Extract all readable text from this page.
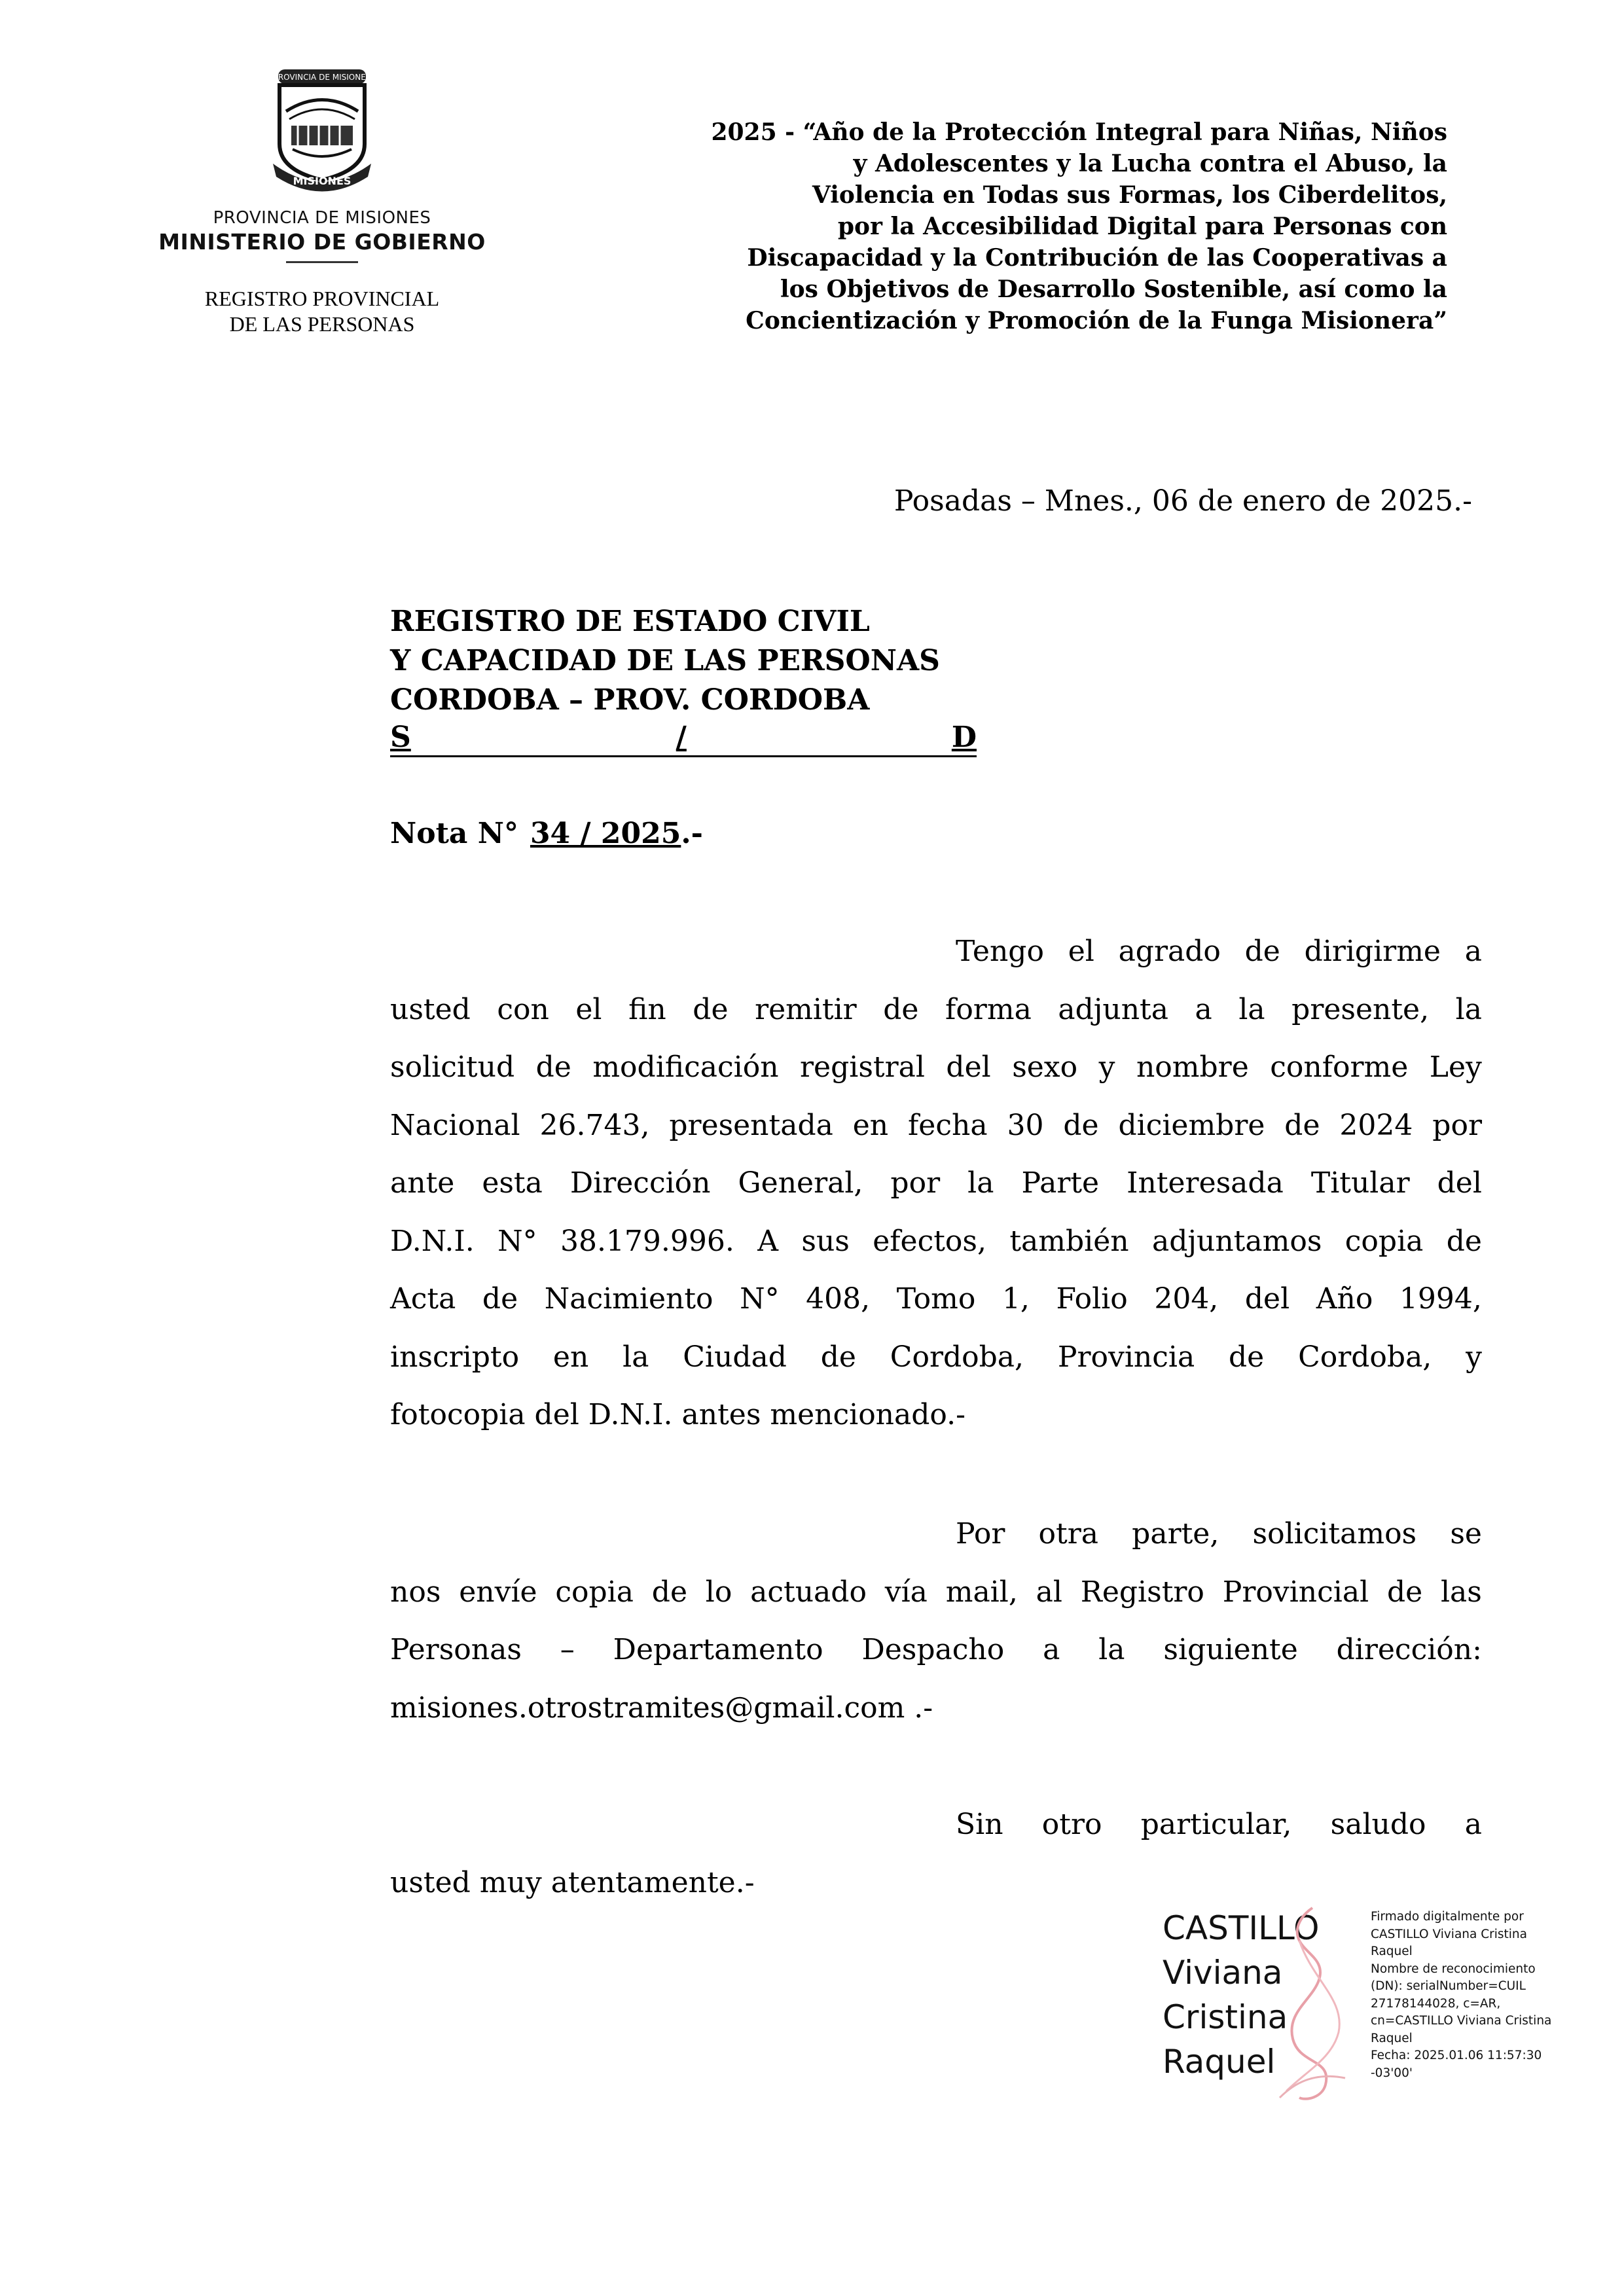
PROVINCIA DE MISIONES
MISIONES
PROVINCIA DE MISIONES
MINISTERIO DE GOBIERNO
REGISTRO PROVINCIAL
DE LAS PERSONAS
2025 - “Año de la Protección Integral para Niñas, Niños
y Adolescentes y la Lucha contra el Abuso, la
Violencia en Todas sus Formas, los Ciberdelitos,
por la Accesibilidad Digital para Personas con
Discapacidad y la Contribución de las Cooperativas a
los Objetivos de Desarrollo Sostenible, así como la
Concientización y Promoción de la Funga Misionera”
Posadas – Mnes., 06 de enero de 2025.-
REGISTRO DE ESTADO CIVIL
Y CAPACIDAD DE LAS PERSONAS
CORDOBA – PROV. CORDOBA
S	/	D
Nota N° 34 / 2025.-
Tengo el agrado de dirigirme a
usted con el fin de remitir de forma adjunta a la presente, la
solicitud de modificación registral del sexo y nombre conforme Ley
Nacional 26.743, presentada en fecha 30 de diciembre de 2024 por
ante esta Dirección General, por la Parte Interesada Titular del
D.N.I. N° 38.179.996. A sus efectos, también adjuntamos copia de
Acta de Nacimiento N° 408, Tomo 1, Folio 204, del Año 1994,
inscripto en la Ciudad de Cordoba, Provincia de Cordoba, y
fotocopia del D.N.I. antes mencionado.-
Por otra parte, solicitamos se
nos envíe copia de lo actuado vía mail, al Registro Provincial de las
Personas – Departamento Despacho a la siguiente dirección:
misiones.otrostramites@gmail.com .-
Sin otro particular, saludo a
usted muy atentamente.-
CASTILLO
Viviana
Cristina
Raquel
Firmado digitalmente por
CASTILLO Viviana Cristina
Raquel
Nombre de reconocimiento
(DN): serialNumber=CUIL
27178144028, c=AR,
cn=CASTILLO Viviana Cristina
Raquel
Fecha: 2025.01.06 11:57:30
-03'00'
